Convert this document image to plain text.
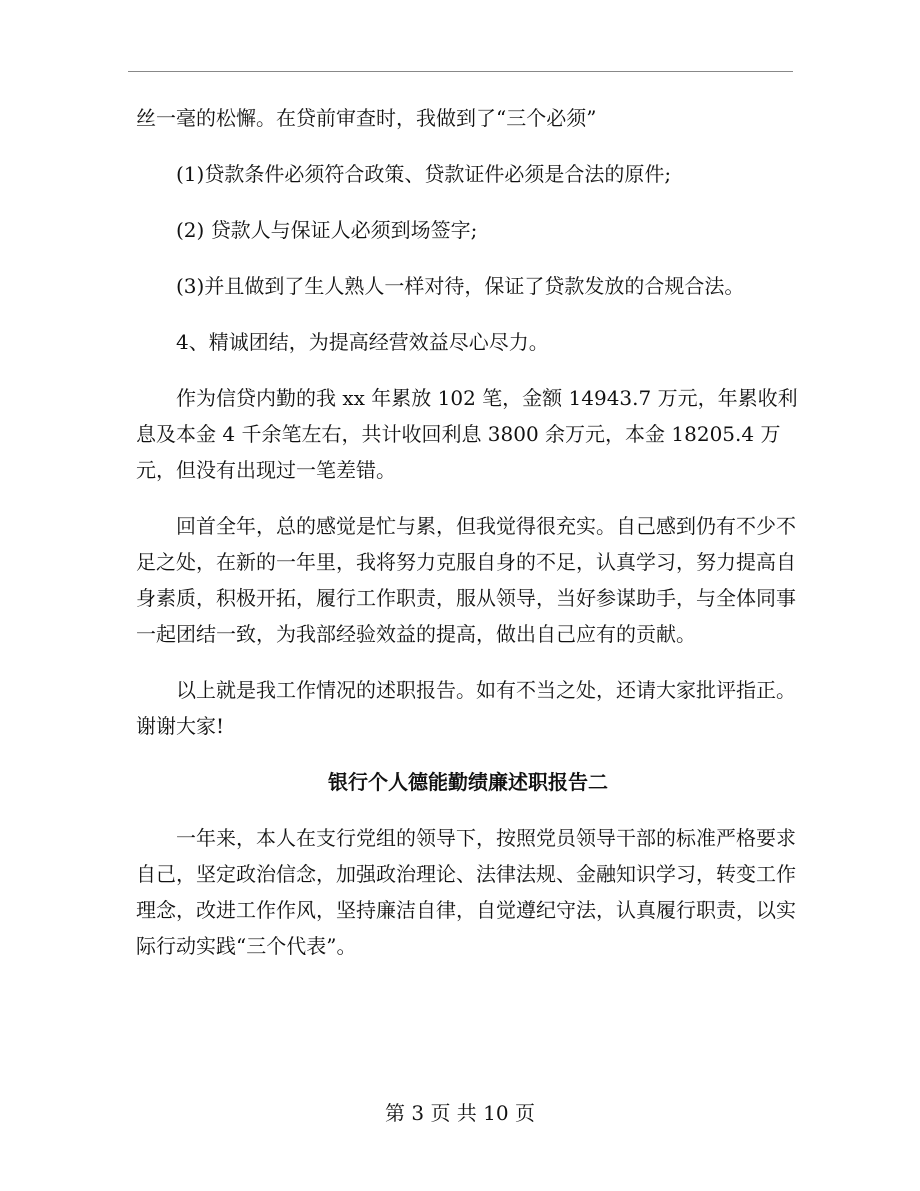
丝一毫的松懈。在贷前审查时，我做到了“三个必须”

(1)贷款条件必须符合政策、贷款证件必须是合法的原件;

(2) 贷款人与保证人必须到场签字;

(3)并且做到了生人熟人一样对待，保证了贷款发放的合规合法。

4、精诚团结，为提高经营效益尽心尽力。

作为信贷内勤的我 xx 年累放 102 笔，金额 14943.7 万元，年累收利息及本金 4 千余笔左右，共计收回利息 3800 余万元，本金 18205.4 万元，但没有出现过一笔差错。

回首全年，总的感觉是忙与累，但我觉得很充实。自己感到仍有不少不足之处，在新的一年里，我将努力克服自身的不足，认真学习，努力提高自身素质，积极开拓，履行工作职责，服从领导，当好参谋助手，与全体同事一起团结一致，为我部经验效益的提高，做出自己应有的贡献。

以上就是我工作情况的述职报告。如有不当之处，还请大家批评指正。谢谢大家!

银行个人德能勤绩廉述职报告二

一年来，本人在支行党组的领导下，按照党员领导干部的标准严格要求自己，坚定政治信念，加强政治理论、法律法规、金融知识学习，转变工作理念，改进工作作风，坚持廉洁自律，自觉遵纪守法，认真履行职责，以实际行动实践“三个代表”。

第 3 页 共 10 页
